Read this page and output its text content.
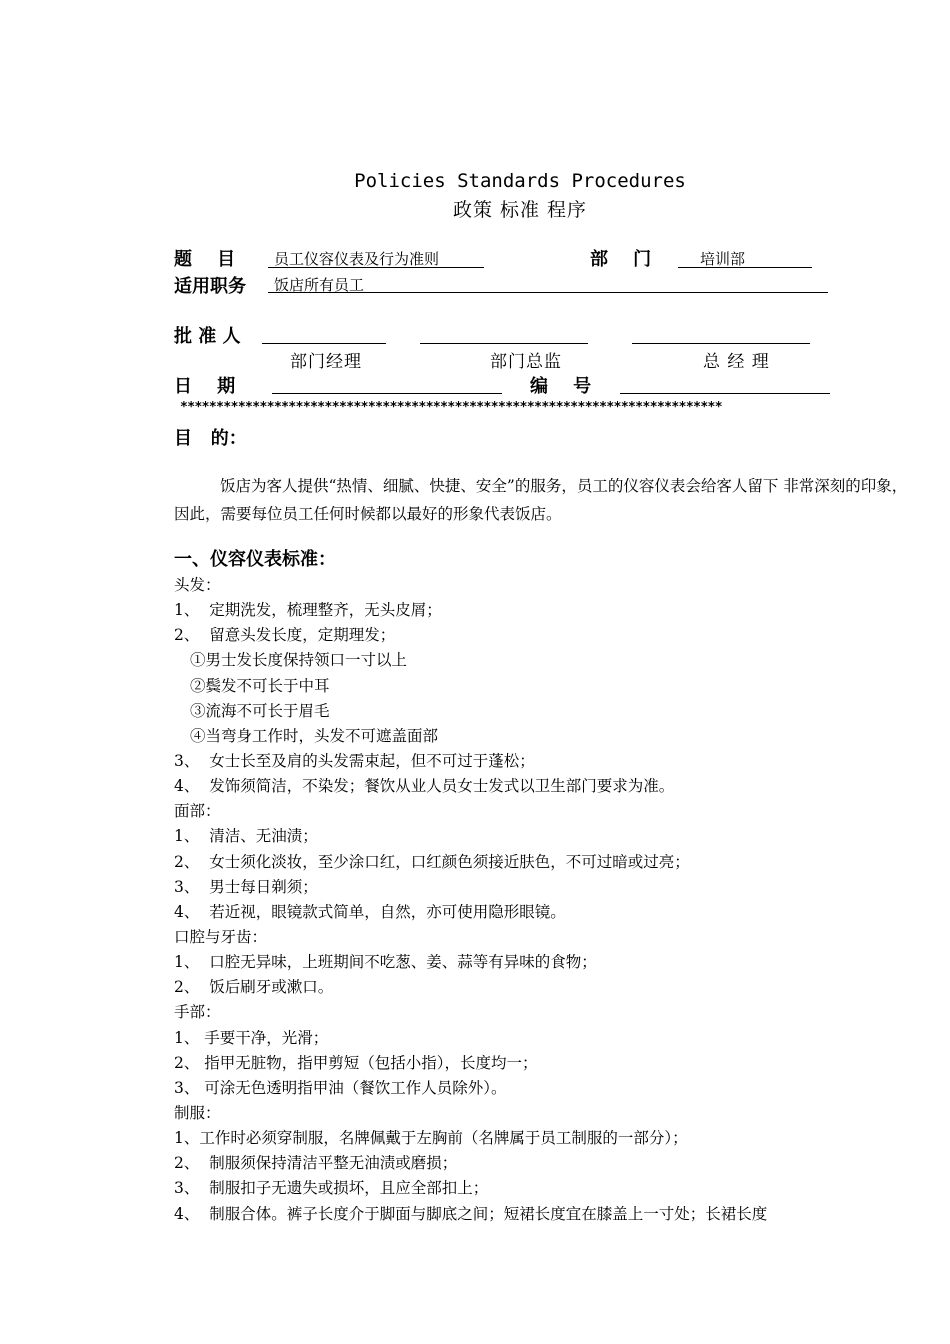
Policies Standards Procedures
政策 标准 程序
题    目	员工仪容仪表及行为准则	部    门	培训部
适用职务 饭店所有员工
批 准 人
部门经理	部门总监	总 经 理
日    期	编    号
***************************************************************************
目   的：
饭店为客人提供“热情、细腻、快捷、安全”的服务，员工的仪容仪表会给客人留下 非常深刻的印象，因此，需要每位员工任何时候都以最好的形象代表饭店。
一、仪容仪表标准：
头发：
1、  定期洗发，梳理整齐，无头皮屑；
2、  留意头发长度，定期理发；
①男士发长度保持领口一寸以上
②鬓发不可长于中耳
③流海不可长于眉毛
④当弯身工作时，头发不可遮盖面部
3、  女士长至及肩的头发需束起，但不可过于蓬松；
4、  发饰须简洁，不染发；餐饮从业人员女士发式以卫生部门要求为准。
面部：
1、  清洁、无油渍；
2、  女士须化淡妆，至少涂口红，口红颜色须接近肤色，不可过暗或过亮；
3、  男士每日剃须；
4、  若近视，眼镜款式简单，自然，亦可使用隐形眼镜。
口腔与牙齿：
1、  口腔无异味，上班期间不吃葱、姜、蒜等有异味的食物；
2、  饭后刷牙或漱口。
手部：
1、 手要干净，光滑；
2、 指甲无脏物，指甲剪短（包括小指），长度均一；
3、 可涂无色透明指甲油（餐饮工作人员除外）。
制服：
1、工作时必须穿制服，名牌佩戴于左胸前（名牌属于员工制服的一部分）；
2、  制服须保持清洁平整无油渍或磨损；
3、  制服扣子无遗失或损坏，且应全部扣上；
4、  制服合体。裤子长度介于脚面与脚底之间；短裙长度宜在膝盖上一寸处；长裙长度
